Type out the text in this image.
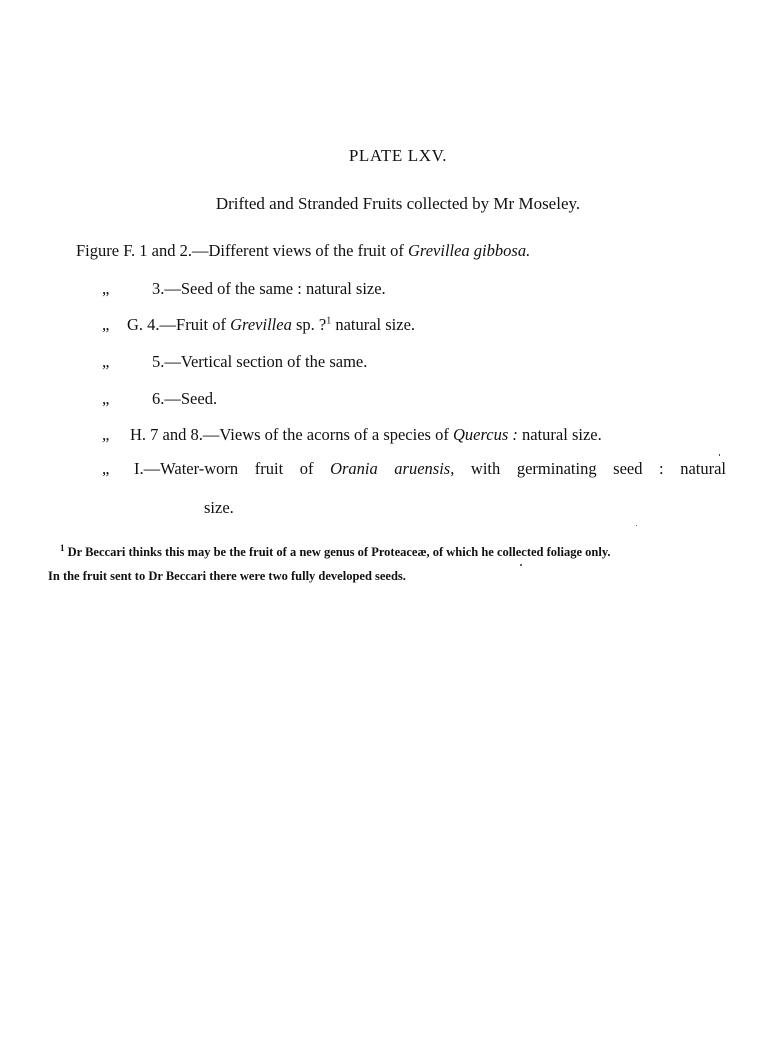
PLATE LXV.
Drifted and Stranded Fruits collected by Mr Moseley.
Figure F. 1 and 2.—Different views of the fruit of Grevillea gibbosa.
„	3.—Seed of the same : natural size.
„ G. 4.—Fruit of Grevillea sp. ?$^1$ natural size.
„	5.—Vertical section of the same.
„	6.—Seed.
„ H. 7 and 8.—Views of the acorns of a species of Quercus : natural size.
„ I.—Water-worn fruit of Orania aruensis, with germinating seed : natural
size.
$^1$ Dr Beccari thinks this may be the fruit of a new genus of Proteaceæ, of which he collected foliage only.
In the fruit sent to Dr Beccari there were two fully developed seeds.
